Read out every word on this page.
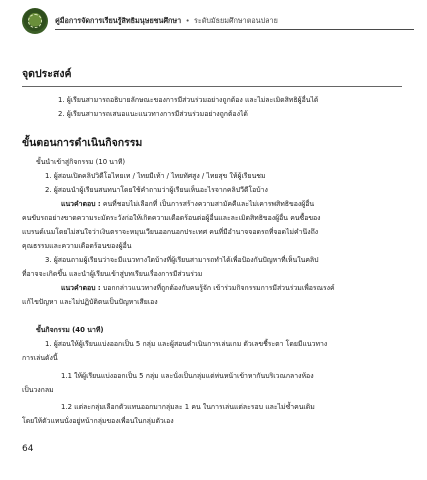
คู่มือการจัดการเรียนรู้สิทธิมนุษยชนศึกษา • ระดับมัธยมศึกษาตอนปลาย
จุดประสงค์
1. ผู้เรียนสามารถอธิบายลักษณะของการมีส่วนร่วมอย่างถูกต้อง และไม่ละเมิดสิทธิผู้อื่นได้
2. ผู้เรียนสามารถเสนอแนะแนวทางการมีส่วนร่วมอย่างถูกต้องได้
ขั้นตอนการดำเนินกิจกรรม
ขั้นนำเข้าสู่กิจกรรม (10 นาที)
1. ผู้สอนเปิดคลิปวิดีโอไทยเท / ไทยมีเท้า / ไทยทัศสูง / ไทยสุข ให้ผู้เรียนชม
2. ผู้สอนนำผู้เรียนสนทนาโดยใช้คำถามว่าผู้เรียนเห็นอะไรจากคลิปวีดีโอบ้าง
แนวคำตอบ : คนที่ชอบไม่เลือกที่ เป็นการสร้างความสามัคคีและไม่เคารพสิทธิของผู้อื่น
คนขับรถอย่างขาดความระมัดระวังก่อให้เกิดความเดือดร้อนต่อผู้อื่นและละเมิดสิทธิของผู้อื่น คนซื้อของ
แบรนด์เนมโดยไม่สนใจว่าเงินตราจะหมุนเวียนออกนอกประเทศ คนที่มีอำนาจจอดรถที่จอดไม่คำนึงถึง
คุณธรรมและความเดือดร้อนของผู้อื่น
3. ผู้สอนถามผู้เรียนว่าจะมีแนวทางใดบ้างที่ผู้เรียนสามารถทำได้เพื่อป้องกันปัญหาที่เห็นในคลิป
ที่อาจจะเกิดขึ้น และนำผู้เรียนเข้าสู่บทเรียนเรื่องการมีส่วนร่วม
แนวคำตอบ : บอกกล่าวแนวทางที่ถูกต้องกับคนรู้จัก เข้าร่วมกิจกรรมการมีส่วนร่วมเพื่อรณรงค์
แก้ไขปัญหา และไม่ปฏิบัติตนเป็นปัญหาเสียเอง
ขั้นกิจกรรม (40 นาที)
1. ผู้สอนให้ผู้เรียนแบ่งออกเป็น 5 กลุ่ม และผู้สอนดำเนินการเล่นเกม ตัวเลขชี้ระตา โดยมีแนวทาง
การเล่นดังนี้
1.1 ให้ผู้เรียนแบ่งออกเป็น 5 กลุ่ม และนั่งเป็นกลุ่มแต่ห่นหน้าเข้าหากันบริเวณกลางห้อง
เป็นวงกลม
1.2 แต่ละกลุ่มเลือกตัวแทนออกมากลุ่มละ 1 คน ในการเล่นแต่ละรอบ และไม่ซ้ำคนเดิม
โดยให้ตัวแทนนั่งอยู่หน้ากลุ่มของเพื่อนในกลุ่มตัวเอง
64
